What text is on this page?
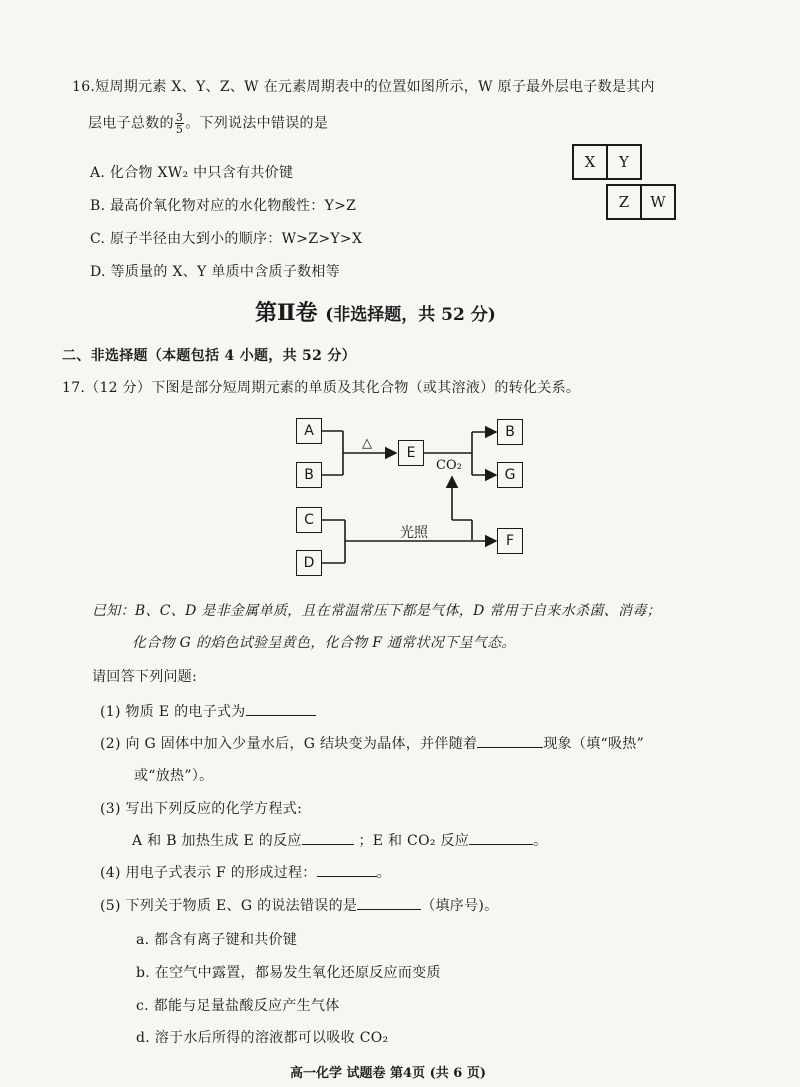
16.短周期元素 X、Y、Z、W 在元素周期表中的位置如图所示，W 原子最外层电子数是其内
层电子总数的 $\frac{3}{5}$ 。下列说法中错误的是
A. 化合物 XW₂ 中只含有共价键
B. 最高价氧化物对应的水化物酸性：Y>Z
C. 原子半径由大到小的顺序：W>Z>Y>X
D. 等质量的 X、Y 单质中含质子数相等
X	Y
Z	W
第Ⅱ卷 (非选择题，共 52 分)
二、非选择题（本题包括 4 小题，共 52 分）
17.（12 分）下图是部分短周期元素的单质及其化合物（或其溶液）的转化关系。
A
B
C
D
E
B
G
F
△
CO₂
光照
已知：B、C、D 是非金属单质，且在常温常压下都是气体，D 常用于自来水杀菌、消毒；
化合物 G 的焰色试验呈黄色，化合物 F 通常状况下呈气态。
请回答下列问题:
(1) 物质 E 的电子式为
(2) 向 G 固体中加入少量水后，G 结块变为晶体，并伴随着	现象（填“吸热”
或“放热”）。
(3) 写出下列反应的化学方程式:
A 和 B 加热生成 E 的反应	；E 和 CO₂ 反应	。
(4) 用电子式表示 F 的形成过程：	。
(5) 下列关于物质 E、G 的说法错误的是	（填序号)。
a. 都含有离子键和共价键
b. 在空气中露置，都易发生氧化还原反应而变质
c. 都能与足量盐酸反应产生气体
d. 溶于水后所得的溶液都可以吸收 CO₂
高一化学 试题卷 第4页 (共 6 页)
